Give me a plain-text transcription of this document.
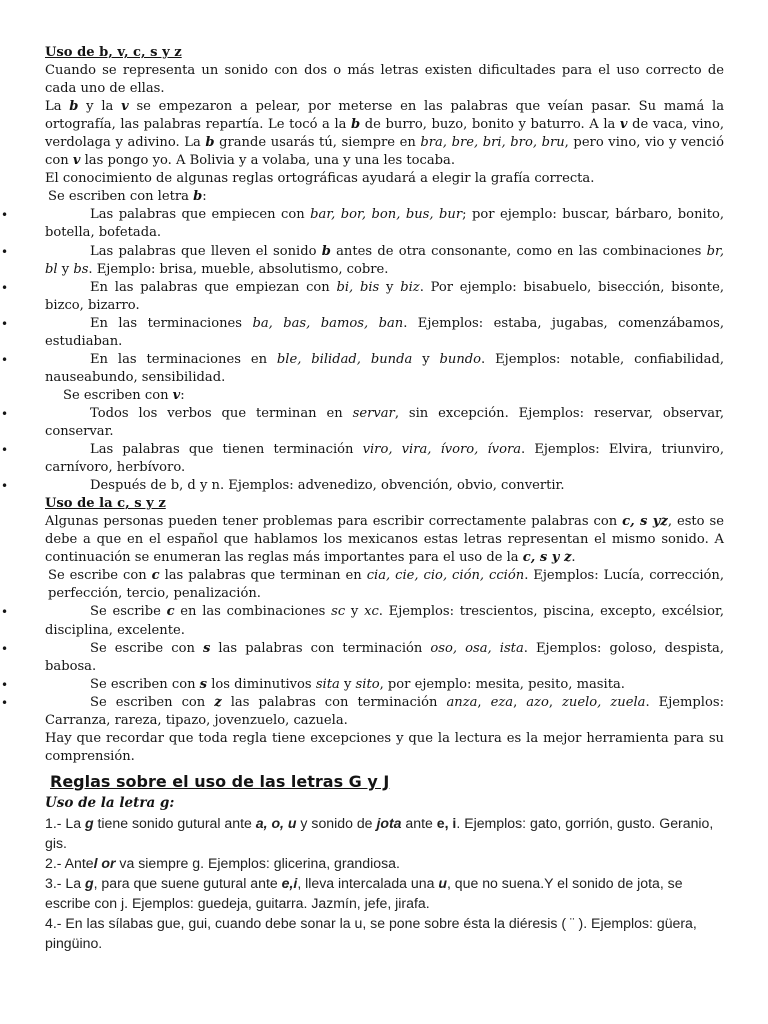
Uso de b, v, c, s y z

Cuando se representa un sonido con dos o más letras existen dificultades para el uso correcto de cada uno de ellas.

La b y la v se empezaron a pelear, por meterse en las palabras que veían pasar. Su mamá la ortografía, las palabras repartía. Le tocó a la b de burro, buzo, bonito y baturro. A la v de vaca, vino, verdolaga y adivino. La b grande usarás tú, siempre en bra, bre, bri, bro, bru, pero vino, vio y venció con v las pongo yo. A Bolivia y a volaba, una y una les tocaba.

El conocimiento de algunas reglas ortográficas ayudará a elegir la grafía correcta.

Se escriben con letra b:

• Las palabras que empiecen con bar, bor, bon, bus, bur; por ejemplo: buscar, bárbaro, bonito, botella, bofetada.
• Las palabras que lleven el sonido b antes de otra consonante, como en las combinaciones br, bl y bs. Ejemplo: brisa, mueble, absolutismo, cobre.
• En las palabras que empiezan con bi, bis y biz. Por ejemplo: bisabuelo, bisección, bisonte, bizco, bizarro.
• En las terminaciones ba, bas, bamos, ban. Ejemplos: estaba, jugabas, comenzábamos, estudiaban.
• En las terminaciones en ble, bilidad, bunda y bundo. Ejemplos: notable, confiabilidad, nauseabundo, sensibilidad.

Se escriben con v:

• Todos los verbos que terminan en servar, sin excepción. Ejemplos: reservar, observar, conservar.
• Las palabras que tienen terminación viro, vira, ívoro, ívora. Ejemplos: Elvira, triunviro, carnívoro, herbívoro.
• Después de b, d y n. Ejemplos: advenedizo, obvención, obvio, convertir.

Uso de la c, s y z

Algunas personas pueden tener problemas para escribir correctamente palabras con c, s yz, esto se debe a que en el español que hablamos los mexicanos estas letras representan el mismo sonido. A continuación se enumeran las reglas más importantes para el uso de la c, s y z.

Se escribe con c las palabras que terminan en cia, cie, cio, ción, cción. Ejemplos: Lucía, corrección, perfección, tercio, penalización.

• Se escribe c en las combinaciones sc y xc. Ejemplos: trescientos, piscina, excepto, excélsior, disciplina, excelente.
• Se escribe con s las palabras con terminación oso, osa, ista. Ejemplos: goloso, despista, babosa.
• Se escriben con s los diminutivos sita y sito, por ejemplo: mesita, pesito, masita.
• Se escriben con z las palabras con terminación anza, eza, azo, zuelo, zuela. Ejemplos: Carranza, rareza, tipazo, jovenzuelo, cazuela.

Hay que recordar que toda regla tiene excepciones y que la lectura es la mejor herramienta para su comprensión.

Reglas sobre el uso de las letras G y J
Uso de la letra g:

1.- La g tiene sonido gutural ante a, o, u y sonido de jota ante e, i. Ejemplos: gato, gorrión, gusto. Geranio, gis.

2.- Antel or va siempre g. Ejemplos: glicerina, grandiosa.

3.- La g, para que suene gutural ante e,i, lleva intercalada una u, que no suena.Y el sonido de jota, se escribe con j. Ejemplos: guedeja, guitarra. Jazmín, jefe, jirafa.

4.- En las sílabas gue, gui, cuando debe sonar la u, se pone sobre ésta la diéresis ( ¨ ). Ejemplos: güera, pingüino.
